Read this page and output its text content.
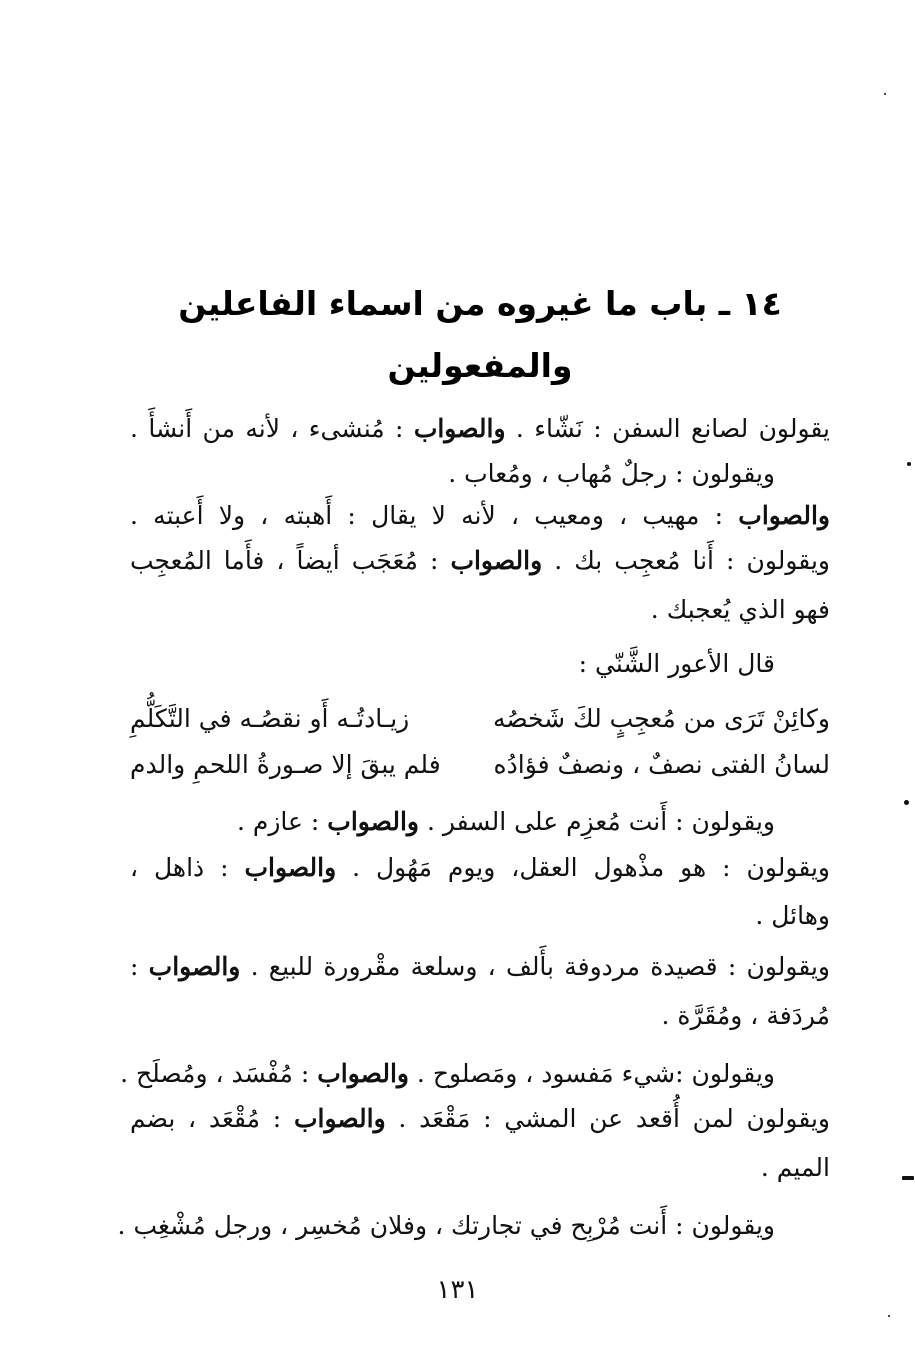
١٤ ـ باب ما غيروه من اسماء الفاعلين
والمفعولين
يقولون لصانع السفن : نَشّاء . والصواب : مُنشىء ، لأنه من أَنشأَ .
ويقولون : رجلٌ مُهاب ، ومُعاب .
والصواب : مهيب ، ومعيب ، لأنه لا يقال : أَهبته ، ولا أَعبته .
ويقولون : أَنا مُعجِب بك . والصواب : مُعَجَب أيضاً ، فأَما المُعجِب
فهو الذي يُعجبك .
قال الأعور الشَّنّي :
وكائِنْ تَرَى من مُعجِبٍ لكَ شَخصُه
زيـادتُـه أَو نقصُـه في التَّكَلُّمِ
لسانُ الفتى نصفٌ ، ونصفٌ فؤادُه
فلم يبقَ إلا صـورةُ اللحمِ والدم
ويقولون : أَنت مُعزِم على السفر . والصواب : عازم .
ويقولون : هو مذْهول العقل، ويوم مَهُول . والصواب : ذاهل ،
وهائل .
ويقولون : قصيدة مردوفة بأَلف ، وسلعة مقْرورة للبيع . والصواب :
مُردَفة ، ومُقَرَّة .
ويقولون :شيء مَفسود ، ومَصلوح . والصواب : مُفْسَد ، ومُصلَح .
ويقولون لمن أُقعد عن المشي : مَقْعَد . والصواب : مُقْعَد ، بضم
الميم .
ويقولون : أَنت مُرْبِح في تجارتك ، وفلان مُخسِر ، ورجل مُشْغِب .
١٣١
